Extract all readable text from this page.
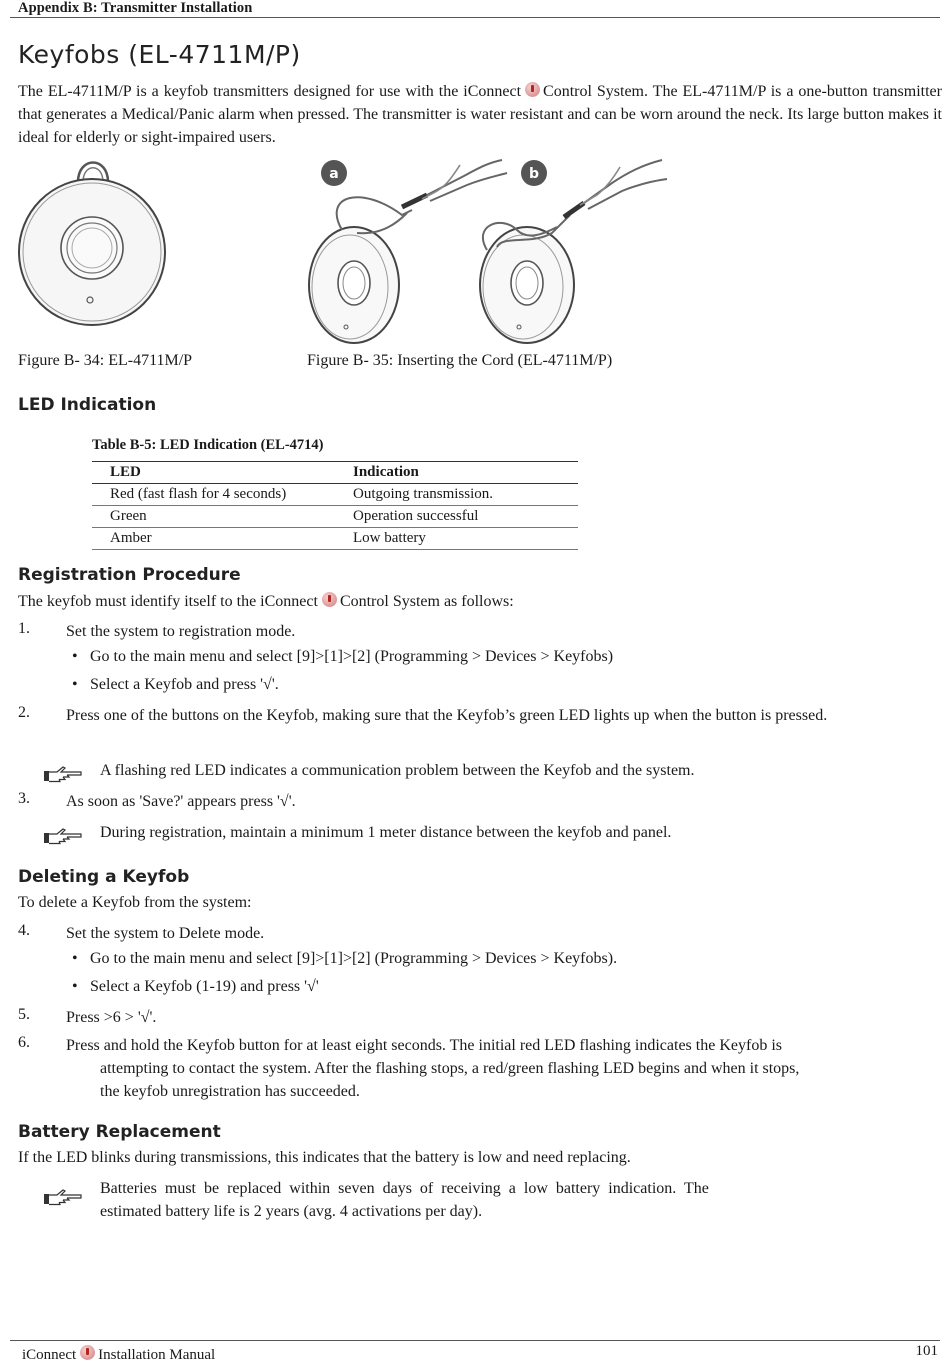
Appendix B: Transmitter Installation
Keyfobs (EL-4711M/P)
The EL-4711M/P is a keyfob transmitters designed for use with the iConnect Control System. The EL-4711M/P is a one-button transmitter that generates a Medical/Panic alarm when pressed. The transmitter is water resistant and can be worn around the neck. Its large button makes it ideal for elderly or sight-impaired users.
a	b
Figure B- 34: EL-4711M/P	Figure B- 35: Inserting the Cord (EL-4711M/P)
LED Indication
Table B-5: LED Indication (EL-4714)
LED	Indication
Red (fast flash for 4 seconds)	Outgoing transmission.
Green	Operation successful
Amber	Low battery
Registration Procedure
The keyfob must identify itself to the iConnect Control System as follows:
1. Set the system to registration mode.
• Go to the main menu and select [9]>[1]>[2] (Programming > Devices > Keyfobs)
• Select a Keyfob and press '√'.
2. Press one of the buttons on the Keyfob, making sure that the Keyfob’s green LED lights up when the button is pressed.
A flashing red LED indicates a communication problem between the Keyfob and the system.
3. As soon as 'Save?' appears press '√'.
During registration, maintain a minimum 1 meter distance between the keyfob and panel.
Deleting a Keyfob
To delete a Keyfob from the system:
4. Set the system to Delete mode.
• Go to the main menu and select [9]>[1]>[2] (Programming > Devices > Keyfobs).
• Select a Keyfob (1-19) and press '√'
5. Press >6 > '√'.
6. Press and hold the Keyfob button for at least eight seconds. The initial red LED flashing indicates the Keyfob is
attempting to contact the system. After the flashing stops, a red/green flashing LED begins and when it stops,
the keyfob unregistration has succeeded.
Battery Replacement
If the LED blinks during transmissions, this indicates that the battery is low and need replacing.
Batteries  must  be  replaced  within  seven  days  of  receiving  a  low  battery  indication.  The
estimated battery life is 2 years (avg. 4 activations per day).
iConnect Installation Manual	101
